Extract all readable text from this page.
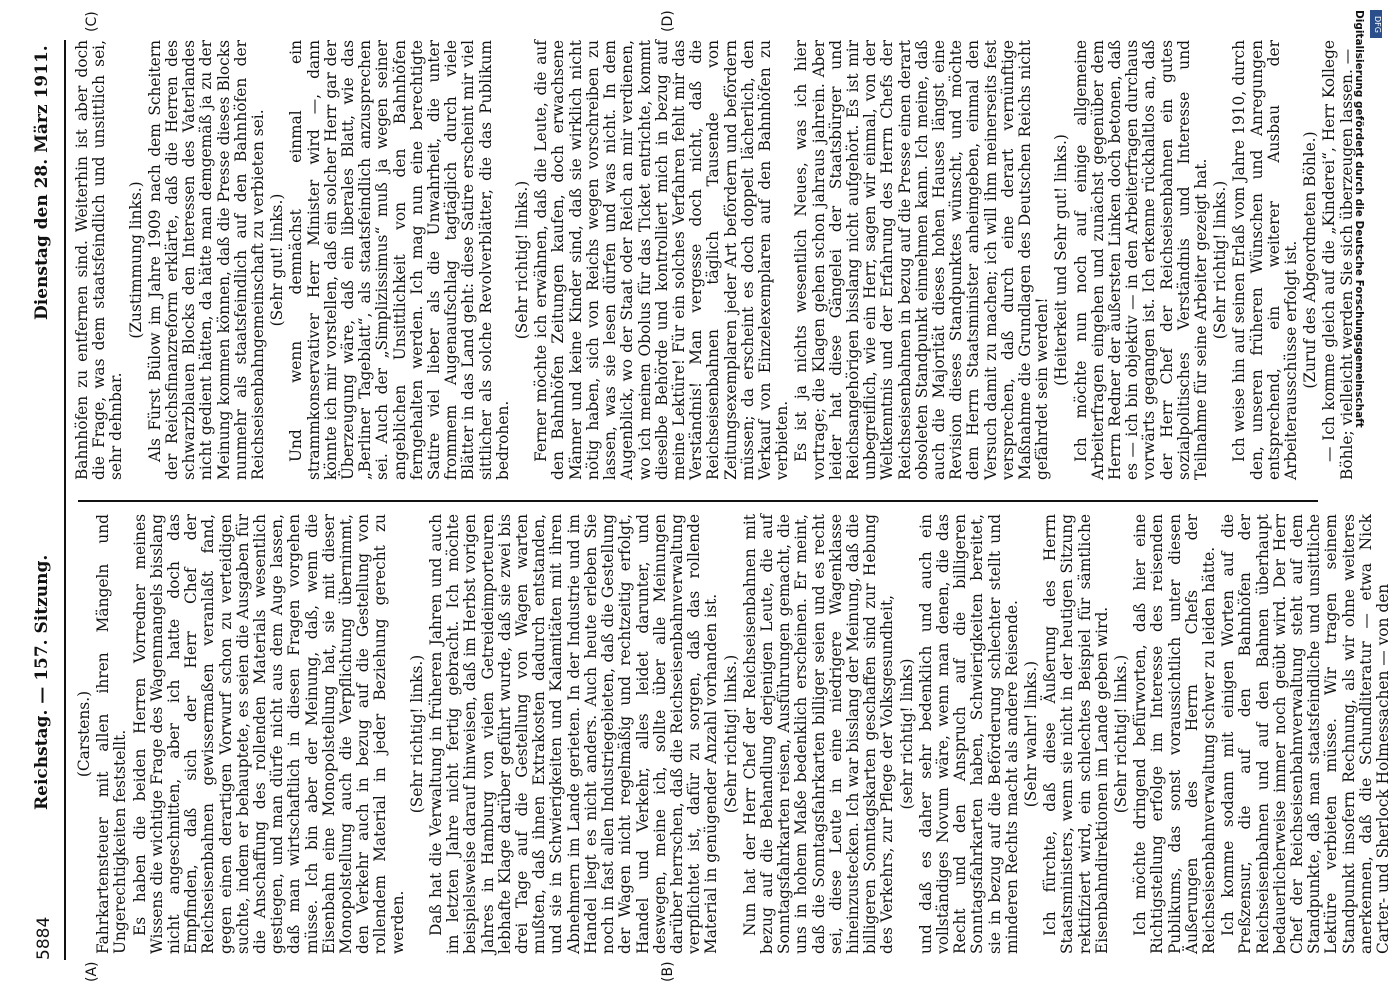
5884
Reichstag. — 157. Sitzung.
Dienstag den 28. März 1911.
(A)	(B)
(C)	(D)

(Carstens.) Fahrkartensteuer mit allen ihren Mängeln und Ungerechtigkeiten feststellt. Es haben die beiden Herren Vorredner meines Wissens die wichtige Frage des Wagenmangels bisslang nicht angeschnitten, aber ich hatte doch das Empfinden, daß sich der Herr Chef der Reichseisenbahnen gewissermaßen veranlaßt fand, gegen einen derartigen Vorwurf schon zu verteidigen suchte, indem er behauptete, es seien die Ausgaben für die Anschaffung des rollenden Materials wesentlich gestiegen, und man dürfe nicht aus dem Auge lassen, daß man wirtschaftlich in diesen Fragen vorgehen müsse. Ich bin aber der Meinung, daß, wenn die Eisenbahn eine Monopolstellung hat, sie mit dieser Monopolstellung auch die Verpflichtung übernimmt, den Verkehr auch in bezug auf die Gestellung von rollendem Material in jeder Beziehung gerecht zu werden.

(Sehr richtig! links.) Daß hat die Verwaltung in früheren Jahren und auch im letzten Jahre nicht fertig gebracht. Ich möchte beispielsweise darauf hinweisen, daß im Herbst vorigen Jahres in Hamburg von vielen Getreideimporteuren lebhafte Klage darüber geführt wurde, daß sie zwei bis drei Tage auf die Gestellung von Wagen warten mußten, daß ihnen Extrakosten dadurch entstanden, und sie in Schwierigkeiten und Kalamitäten mit ihren Abnehmern im Lande gerieten. In der Industrie und im Handel liegt es nicht anders. Auch heute erleben Sie noch in fast allen Industriegebieten, daß die Gestellung der Wagen nicht regelmäßig und rechtzeitig erfolgt, Handel und Verkehr, alles leidet darunter, und deswegen, meine ich, sollte über alle Meinungen darüber herrschen, daß die Reichseisenbahnverwaltung verpflichtet ist, dafür zu sorgen, daß das rollende Material in genügender Anzahl vorhanden ist. (Sehr richtig! links.) Nun hat der Herr Chef der Reichseisenbahnen mit bezug auf die Behandlung derjenigen Leute, die auf Sonntagsfahrkarten reisen, Ausführungen gemacht, die uns in hohem Maße bedenklich erscheinen. Er meint, daß die Sonntagsfahrkarten billiger seien und es recht sei, diese Leute in eine niedrigere Wagenklasse hineinzustecken. Ich war bisslang der Meinung, daß die billigeren Sonntagskarten geschaffen sind zur Hebung des Verkehrs, zur Pflege der Volksgesundheit, (sehr richtig! links) und daß es daher sehr bedenklich und auch ein vollständiges Novum wäre, wenn man denen, die das Recht und den Anspruch auf die billigeren Sonntagsfahrkarten haben, Schwierigkeiten bereitet, sie in bezug auf die Beförderung schlechter stellt und minderen Rechts macht als andere Reisende. (Sehr wahr! links.) Ich fürchte, daß diese Äußerung des Herrn Staatsministers, wenn sie nicht in der heutigen Sitzung rektifiziert wird, ein schlechtes Beispiel für sämtliche Eisenbahndirektionen im Lande geben wird. (Sehr richtig! links.) Ich möchte dringend befürworten, daß hier eine Richtigstellung erfolge im Interesse des reisenden Publikums, das sonst voraussichtlich unter diesen Äußerungen des Herrn Chefs der Reichseisenbahnverwaltung schwer zu leiden hätte. Ich komme sodann mit einigen Worten auf die Preßzensur, die auf den Bahnhöfen der Reichseisenbahnen und auf den Bahnen überhaupt bedauerlicherweise immer noch geübt wird. Der Herr Chef der Reichseisenbahnverwaltung steht auf dem Standpunkte, daß man staatsfeindliche und unsittliche Lektüre verbieten müsse. Wir tragen seinem Standpunkt insofern Rechnung, als wir ohne weiteres anerkennen, daß die Schundliteratur — etwa Nick Carter- und Sherlock Holmessachen — von den

Bahnhöfen zu entfernen sind. Weiterhin ist aber doch die Frage, was dem staatsfeindlich und unsittlich sei, sehr dehnbar.

(Zustimmung links.) Als Fürst Bülow im Jahre 1909 nach dem Scheitern der Reichsfinanzreform erklärte, daß die Herren des schwarzblauen Blocks den Interessen des Vaterlandes nicht gedient hätten, da hätte man demgemäß ja zu der Meinung kommen können, daß die Presse dieses Blocks nunmehr als staatsfeindlich auf den Bahnhöfen der Reichseisenbahngemeinschaft zu verbieten sei. (Sehr gut! links.) Und wenn demnächst einmal ein strammkonservativer Herr Minister wird —, dann könnte ich mir vorstellen, daß ein solcher Herr gar der Überzeugung wäre, daß ein liberales Blatt, wie das „Berliner Tageblatt“, als staatsfeindlich anzusprechen sei. Auch der „Simplizissimus“ muß ja wegen seiner angeblichen Unsittlichkeit von den Bahnhöfen ferngehalten werden. Ich mag nun eine berechtigte Satire viel lieber als die Unwahrheit, die unter frommem Augenaufschlag tagtäglich durch viele Blätter in das Land geht: diese Satire erscheint mir viel sittlicher als solche Revolverblätter, die das Publikum bedrohen.

(Sehr richtig! links.) Ferner möchte ich erwähnen, daß die Leute, die auf den Bahnhöfen Zeitungen kaufen, doch erwachsene Männer und keine Kinder sind, daß sie wirklich nicht nötig haben, sich von Reichs wegen vorschreiben zu lassen, was sie lesen dürfen und was nicht. In dem Augenblick, wo der Staat oder Reich an mir verdienen, wo ich meinen Obolus für das Ticket entrichte, kommt dieselbe Behörde und kontrolliert mich in bezug auf meine Lektüre! Für ein solches Verfahren fehlt mir das Verständnis! Man vergesse doch nicht, daß die Reichseisenbahnen täglich Tausende von Zeitungsexemplaren jeder Art befördern und befördern müssen; da erscheint es doch doppelt lächerlich, den Verkauf von Einzelexemplaren auf den Bahnhöfen zu verbieten. Es ist ja nichts wesentlich Neues, was ich hier vortrage; die Klagen gehen schon jahraus jahrein. Aber leider hat diese Gängelei der Staatsbürger und Reichsangehörigen bisslang nicht aufgehört. Es ist mir unbegreiflich, wie ein Herr, sagen wir einmal, von der Weltkenntnis und der Erfahrung des Herrn Chefs der Reichseisenbahnen in bezug auf die Presse einen derart obsoleten Standpunkt einnehmen kann. Ich meine, daß auch die Majorität dieses hohen Hauses längst eine Revision dieses Standpunktes wünscht, und möchte dem Herrn Staatsminister anheimgeben, einmal den Versuch damit zu machen; ich will ihm meinerseits fest versprechen, daß durch eine derart vernünftige Maßnahme die Grundlagen des Deutschen Reichs nicht gefährdet sein werden!

(Heiterkeit und Sehr gut! links.) Ich möchte nun noch auf einige allgemeine Arbeiterfragen eingehen und zunächst gegenüber dem Herrn Redner der äußersten Linken doch betonen, daß es — ich bin objektiv — in den Arbeiterfragen durchaus vorwärts gegangen ist. Ich erkenne rückhaltlos an, daß der Herr Chef der Reichseisenbahnen ein gutes sozialpolitisches Verständnis und Interesse und Teilnahme für seine Arbeiter gezeigt hat. (Sehr richtig! links.) Ich weise hin auf seinen Erlaß vom Jahre 1910, durch den, unseren früheren Wünschen und Anregungen entsprechend, ein weiterer Ausbau der Arbeiterausschüsse erfolgt ist. (Zuruf des Abgeordneten Böhle.) — Ich komme gleich auf die „Kinderei“, Herr Kollege Böhle; vielleicht werden Sie sich überzeugen lassen. —

Digitalisierung gefördert durch die Deutsche Forschungsgemeinschaft	DFG
